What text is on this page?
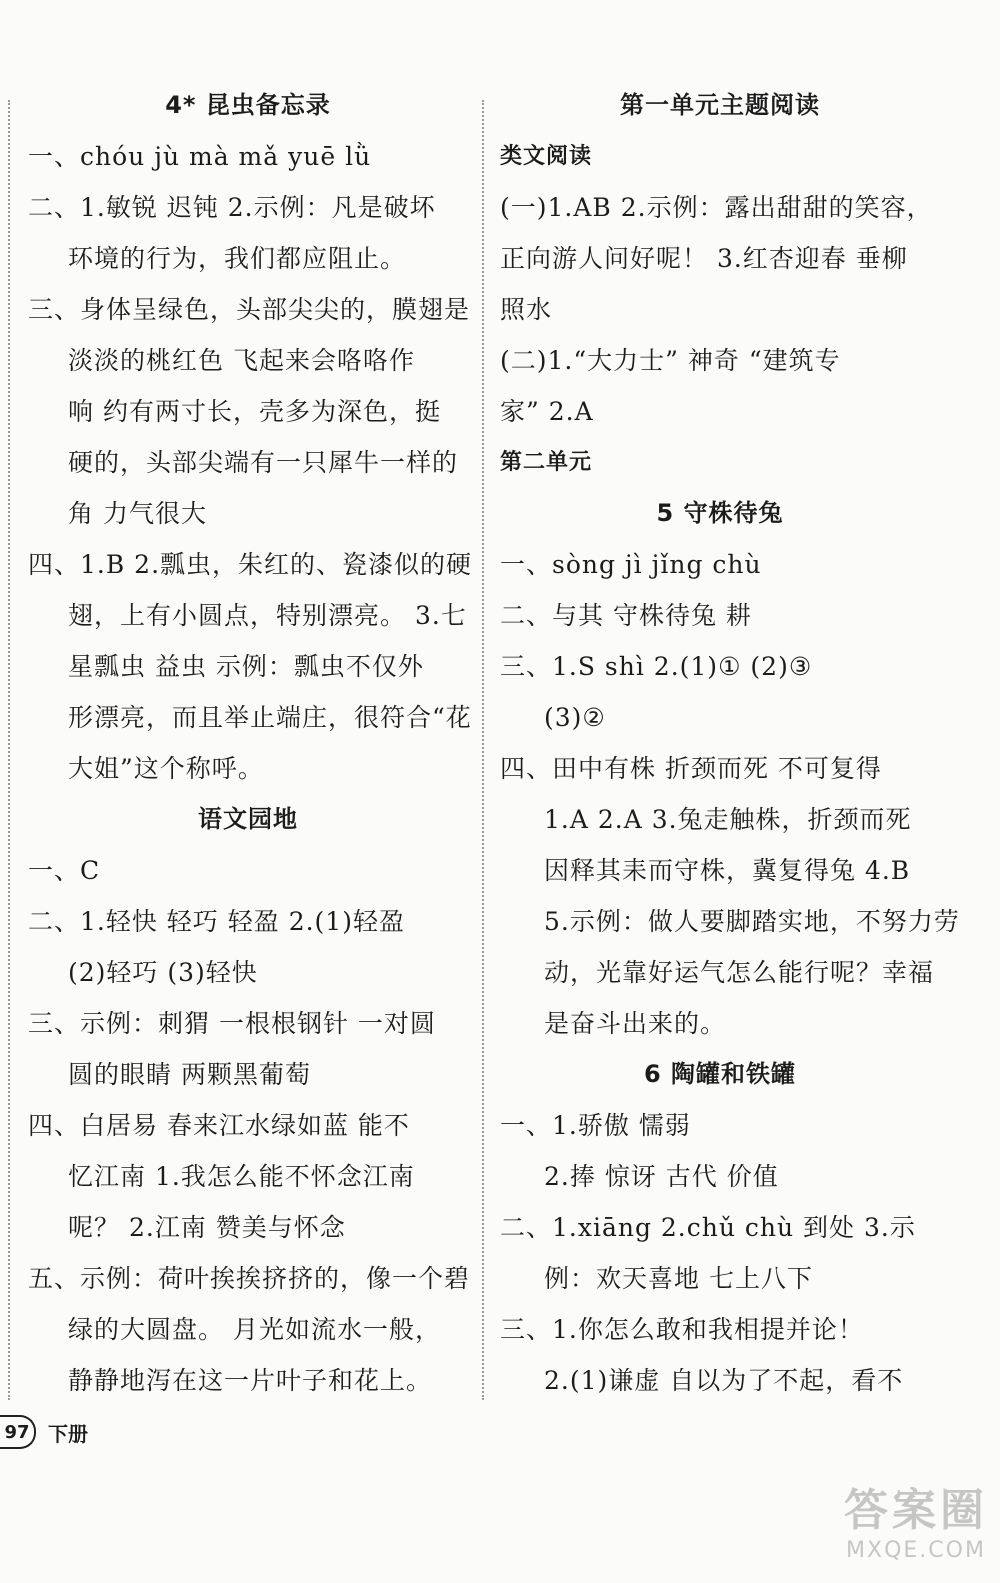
4* 昆虫备忘录
一、chóu jù mà mǎ yuē lǜ
二、1.敏锐 迟钝 2.示例：凡是破坏
环境的行为，我们都应阻止。
三、身体呈绿色，头部尖尖的，膜翅是
淡淡的桃红色 飞起来会咯咯作
响 约有两寸长，壳多为深色，挺
硬的，头部尖端有一只犀牛一样的
角 力气很大
四、1.B 2.瓢虫，朱红的、瓷漆似的硬
翅，上有小圆点，特别漂亮。 3.七
星瓢虫 益虫 示例：瓢虫不仅外
形漂亮，而且举止端庄，很符合“花
大姐”这个称呼。
语文园地
一、C
二、1.轻快 轻巧 轻盈 2.(1)轻盈
(2)轻巧 (3)轻快
三、示例：刺猬 一根根钢针 一对圆
圆的眼睛 两颗黑葡萄
四、白居易 春来江水绿如蓝 能不
忆江南 1.我怎么能不怀念江南
呢？ 2.江南 赞美与怀念
五、示例：荷叶挨挨挤挤的，像一个碧
绿的大圆盘。 月光如流水一般，
静静地泻在这一片叶子和花上。
第一单元主题阅读
类文阅读
(一)1.AB 2.示例：露出甜甜的笑容，
正向游人问好呢！ 3.红杏迎春 垂柳
照水
(二)1.“大力士” 神奇 “建筑专
家” 2.A
第二单元
5 守株待兔
一、sòng jì jǐng chù
二、与其 守株待兔 耕
三、1.S shì 2.(1)① (2)③
(3)②
四、田中有株 折颈而死 不可复得
1.A 2.A 3.兔走触株，折颈而死
因释其耒而守株，冀复得兔 4.B
5.示例：做人要脚踏实地，不努力劳
动，光靠好运气怎么能行呢？幸福
是奋斗出来的。
6 陶罐和铁罐
一、1.骄傲 懦弱
2.捧 惊讶 古代 价值
二、1.xiāng 2.chǔ chù 到处 3.示
例：欢天喜地 七上八下
三、1.你怎么敢和我相提并论！
2.(1)谦虚 自以为了不起，看不
97 下册
答案圈
MXQE.COM
